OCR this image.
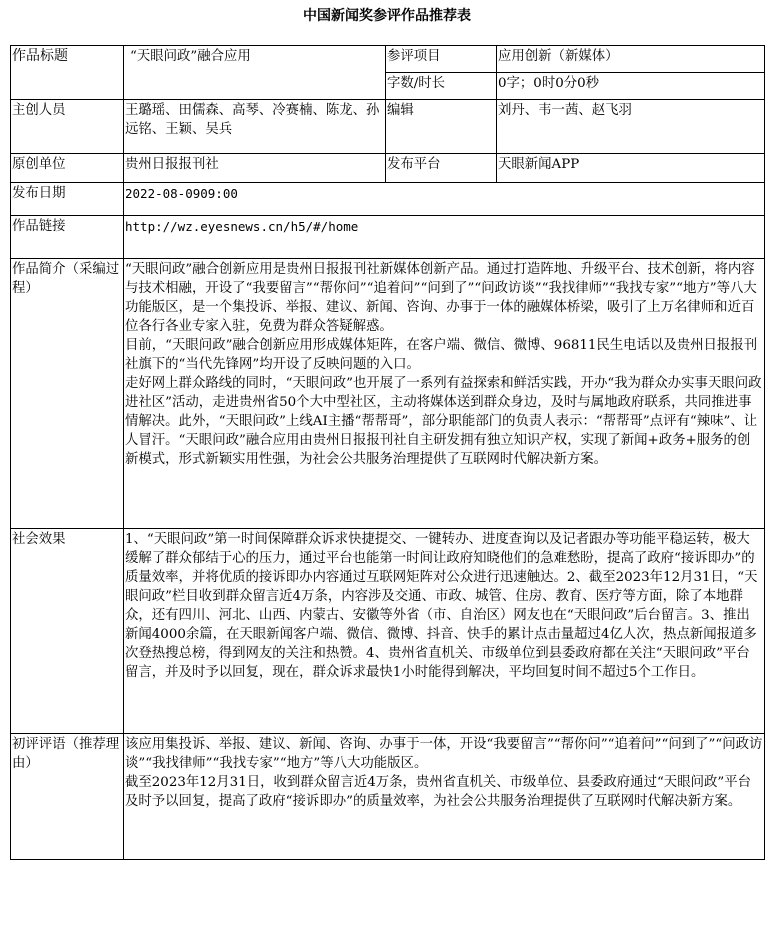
中国新闻奖参评作品推荐表
作品标题	“天眼问政”融合应用	参评项目	应用创新（新媒体）
		字数/时长	0字；0时0分0秒
主创人员	王璐瑶、田儒森、高琴、冷赛楠、陈龙、孙远铭、王颖、吴兵	编辑	刘丹、韦一茜、赵飞羽
原创单位	贵州日报报刊社	发布平台	天眼新闻APP
发布日期	2022-08-0909:00		
作品链接	http://wz.eyesnews.cn/h5/#/home		
作品简介（采编过程）	“天眼问政”融合创新应用是贵州日报报刊社新媒体创新产品。通过打造阵地、升级平台、技术创新，将内容与技术相融，开设了“我要留言”“帮你问”“追着问”“问到了”“问政访谈”“我找律师”“我找专家”“地方”等八大功能版区，是一个集投诉、举报、建议、新闻、咨询、办事于一体的融媒体桥梁，吸引了上万名律师和近百位各行各业专家入驻，免费为群众答疑解惑。

目前，“天眼问政”融合创新应用形成媒体矩阵，在客户端、微信、微博、96811民生电话以及贵州日报报刊社旗下的“当代先锋网”均开设了反映问题的入口。

走好网上群众路线的同时，“天眼问政”也开展了一系列有益探索和鲜活实践，开办“我为群众办实事天眼问政进社区”活动，走进贵州省50个大中型社区，主动将媒体送到群众身边，及时与属地政府联系，共同推进事情解决。此外，“天眼问政”上线AI主播“帮帮哥”，部分职能部门的负责人表示：“帮帮哥”点评有“辣味”、让人冒汗。“天眼问政”融合应用由贵州日报报刊社自主研发拥有独立知识产权，实现了新闻+政务+服务的创新模式，形式新颖实用性强，为社会公共服务治理提供了互联网时代解决新方案。		

社会效果	1、“天眼问政”第一时间保障群众诉求快捷提交、一键转办、进度查询以及记者跟办等功能平稳运转，极大缓解了群众郁结于心的压力，通过平台也能第一时间让政府知晓他们的急难愁盼，提高了政府“接诉即办”的质量效率，并将优质的接诉即办内容通过互联网矩阵对公众进行迅速触达。2、截至2023年12月31日，“天眼问政”栏目收到群众留言近4万条，内容涉及交通、市政、城管、住房、教育、医疗等方面，除了本地群众，还有四川、河北、山西、内蒙古、安徽等外省（市、自治区）网友也在“天眼问政”后台留言。3、推出新闻4000余篇，在天眼新闻客户端、微信、微博、抖音、快手的累计点击量超过4亿人次，热点新闻报道多次登热搜总榜，得到网友的关注和热赞。4、贵州省直机关、市级单位到县委政府都在关注“天眼问政”平台留言，并及时予以回复，现在，群众诉求最快1小时能得到解决，平均回复时间不超过5个工作日。		
初评评语（推荐理由）	该应用集投诉、举报、建议、新闻、咨询、办事于一体，开设“我要留言”“帮你问”“追着问”“问到了”“问政访谈”“我找律师”“我找专家”“地方”等八大功能版区。

截至2023年12月31日，收到群众留言近4万条，贵州省直机关、市级单位、县委政府通过“天眼问政”平台及时予以回复，提高了政府“接诉即办”的质量效率，为社会公共服务治理提供了互联网时代解决新方案。		
